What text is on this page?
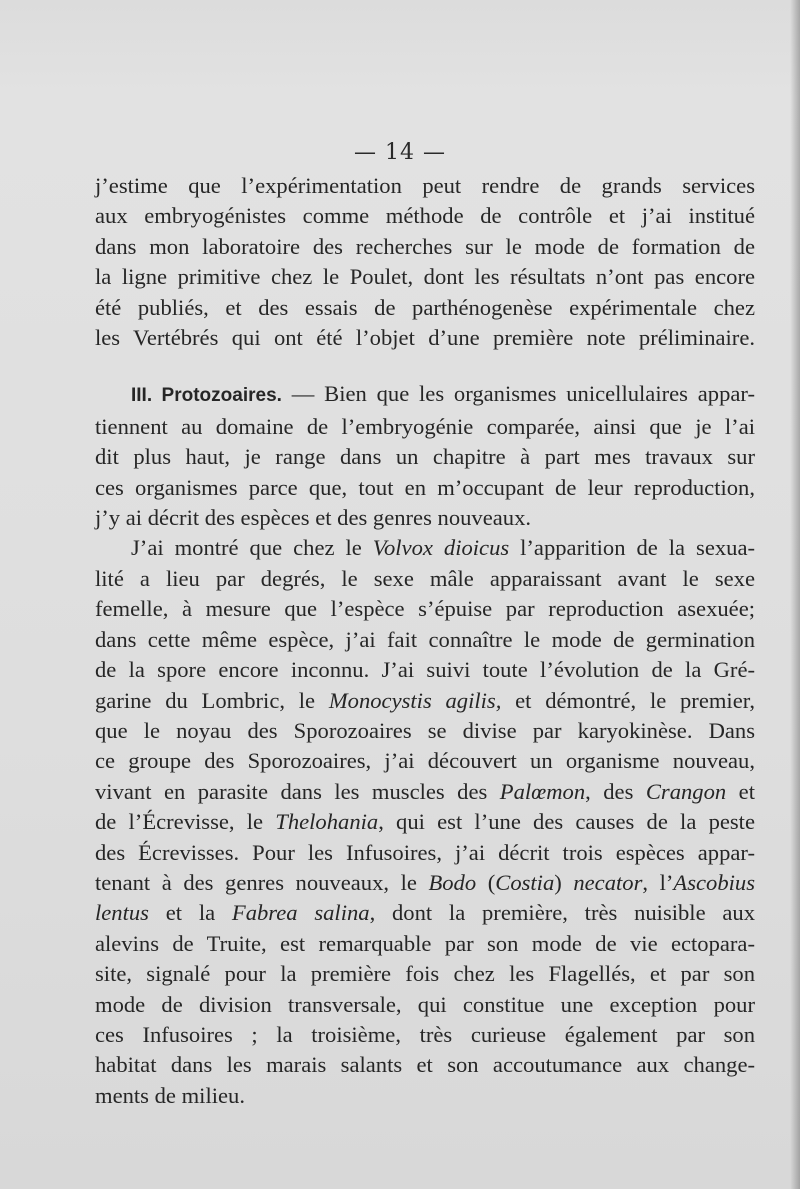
— 14 —
j’estime que l’expérimentation peut rendre de grands services
aux embryogénistes comme méthode de contrôle et j’ai institué
dans mon laboratoire des recherches sur le mode de formation de
la ligne primitive chez le Poulet, dont les résultats n’ont pas encore
été publiés, et des essais de parthénogenèse expérimentale chez
les Vertébrés qui ont été l’objet d’une première note préliminaire.
III. Protozoaires. — Bien que les organismes unicellulaires appar-
tiennent au domaine de l’embryogénie comparée, ainsi que je l’ai
dit plus haut, je range dans un chapitre à part mes travaux sur
ces organismes parce que, tout en m’occupant de leur reproduction,
j’y ai décrit des espèces et des genres nouveaux.
J’ai montré que chez le Volvox dioicus l’apparition de la sexua-
lité a lieu par degrés, le sexe mâle apparaissant avant le sexe
femelle, à mesure que l’espèce s’épuise par reproduction asexuée;
dans cette même espèce, j’ai fait connaître le mode de germination
de la spore encore inconnu. J’ai suivi toute l’évolution de la Gré-
garine du Lombric, le Monocystis agilis, et démontré, le premier,
que le noyau des Sporozoaires se divise par karyokinèse. Dans
ce groupe des Sporozoaires, j’ai découvert un organisme nouveau,
vivant en parasite dans les muscles des Palœmon, des Crangon et
de l’Écrevisse, le Thelohania, qui est l’une des causes de la peste
des Écrevisses. Pour les Infusoires, j’ai décrit trois espèces appar-
tenant à des genres nouveaux, le Bodo (Costia) necator, l’Ascobius
lentus et la Fabrea salina, dont la première, très nuisible aux
alevins de Truite, est remarquable par son mode de vie ectopara-
site, signalé pour la première fois chez les Flagellés, et par son
mode de division transversale, qui constitue une exception pour
ces Infusoires ; la troisième, très curieuse également par son
habitat dans les marais salants et son accoutumance aux change-
ments de milieu.
